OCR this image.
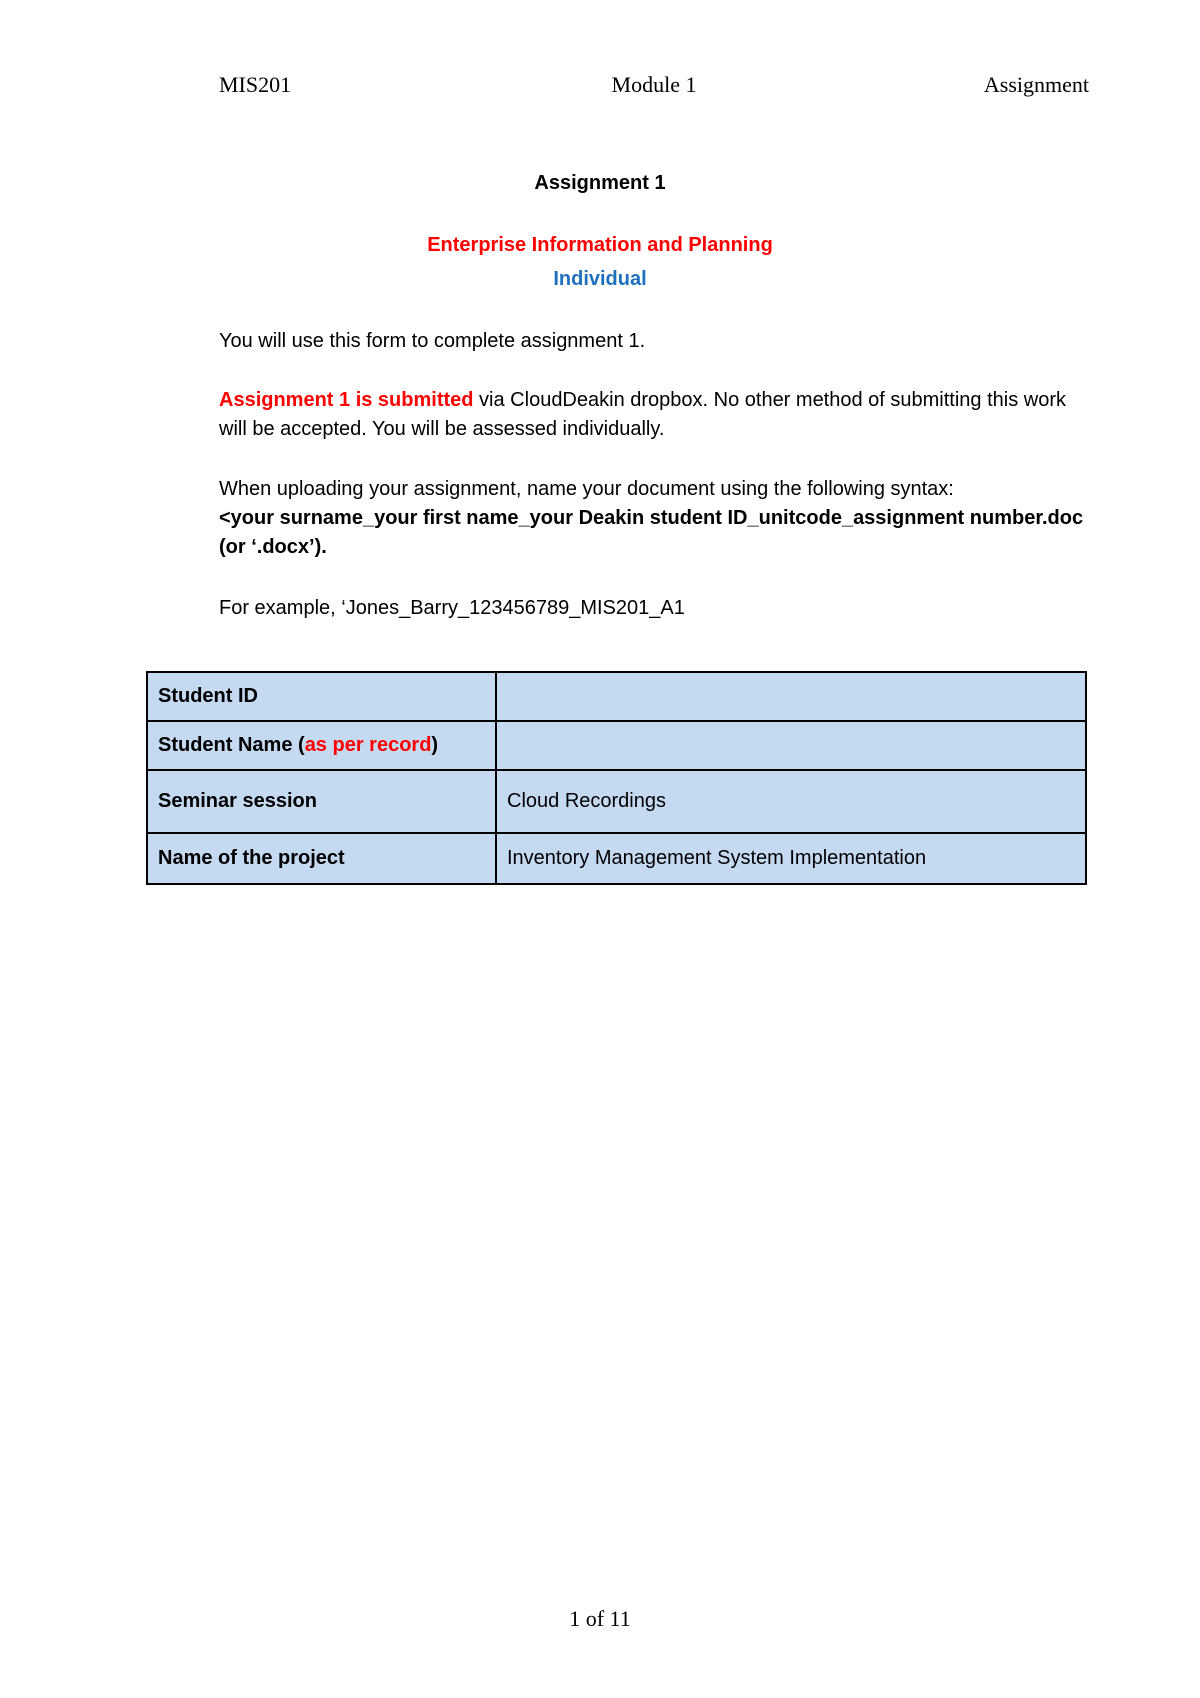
MIS201	Module 1	Assignment
Assignment 1
Enterprise Information and Planning
Individual
You will use this form to complete assignment 1.
Assignment 1 is submitted via CloudDeakin dropbox. No other method of submitting this work will be accepted. You will be assessed individually.
When uploading your assignment, name your document using the following syntax:
<your surname_your first name_your Deakin student ID_unitcode_assignment number.doc (or ‘.docx’).
For example, ‘Jones_Barry_123456789_MIS201_A1
Student ID	
Student Name (as per record)	
Seminar session	Cloud Recordings
Name of the project	Inventory Management System Implementation
1 of 11
